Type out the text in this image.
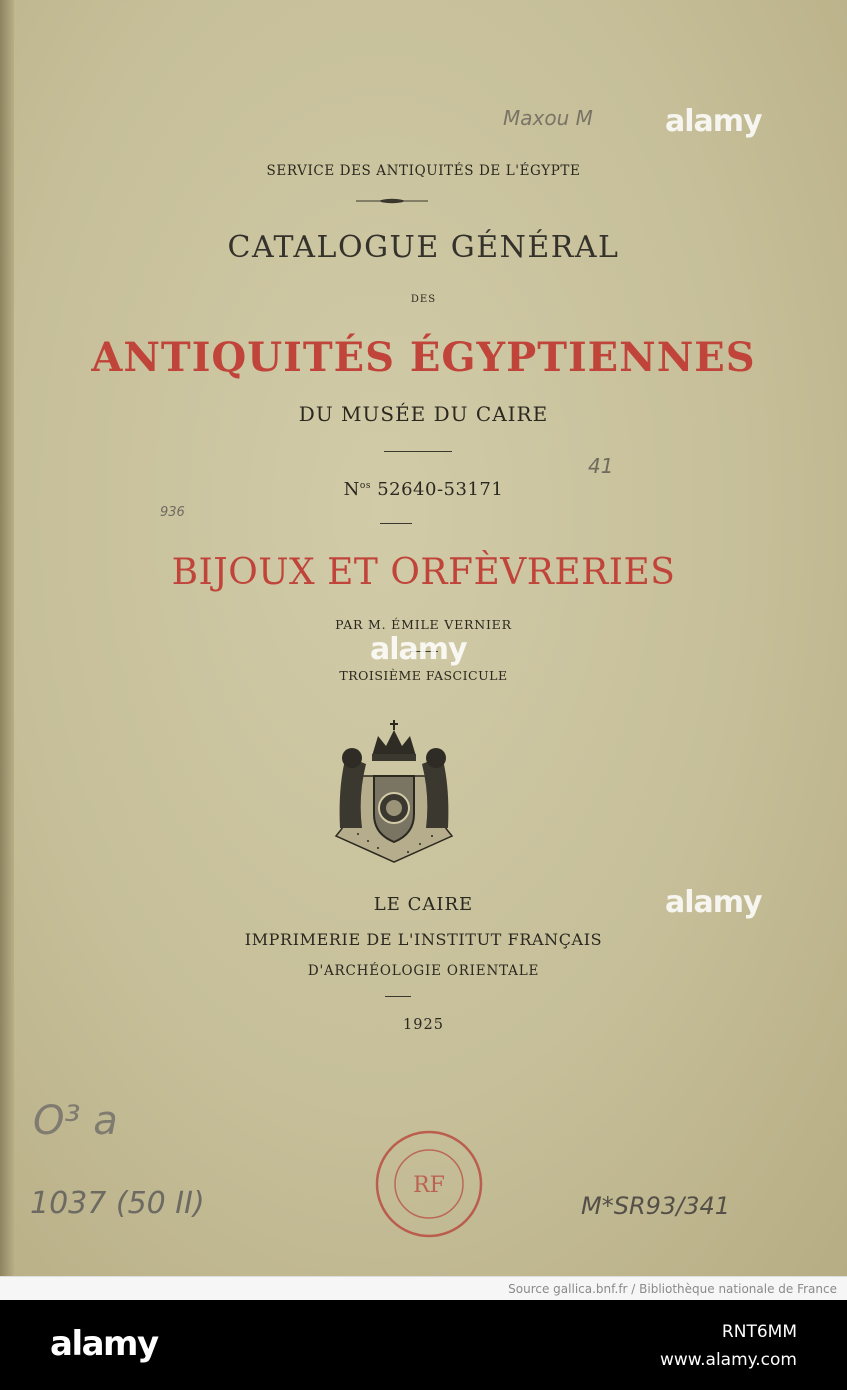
Maxou M
SERVICE DES ANTIQUITÉS DE L'ÉGYPTE
CATALOGUE GÉNÉRAL
DES
ANTIQUITÉS ÉGYPTIENNES
DU MUSÉE DU CAIRE
41
$N^{os}$ 52640-53171
936
BIJOUX ET ORFÈVRERIES
PAR M. ÉMILE VERNIER
TROISIÈME FASCICULE
LE CAIRE
IMPRIMERIE DE L'INSTITUT FRANÇAIS
D'ARCHÉOLOGIE ORIENTALE
1925
O³ a
1037 (50 II)	M*SR93/341
RF
alamy
alamy
alamy
Source gallica.bnf.fr / Bibliothèque nationale de France
alamy	RNT6MM
www.alamy.com
